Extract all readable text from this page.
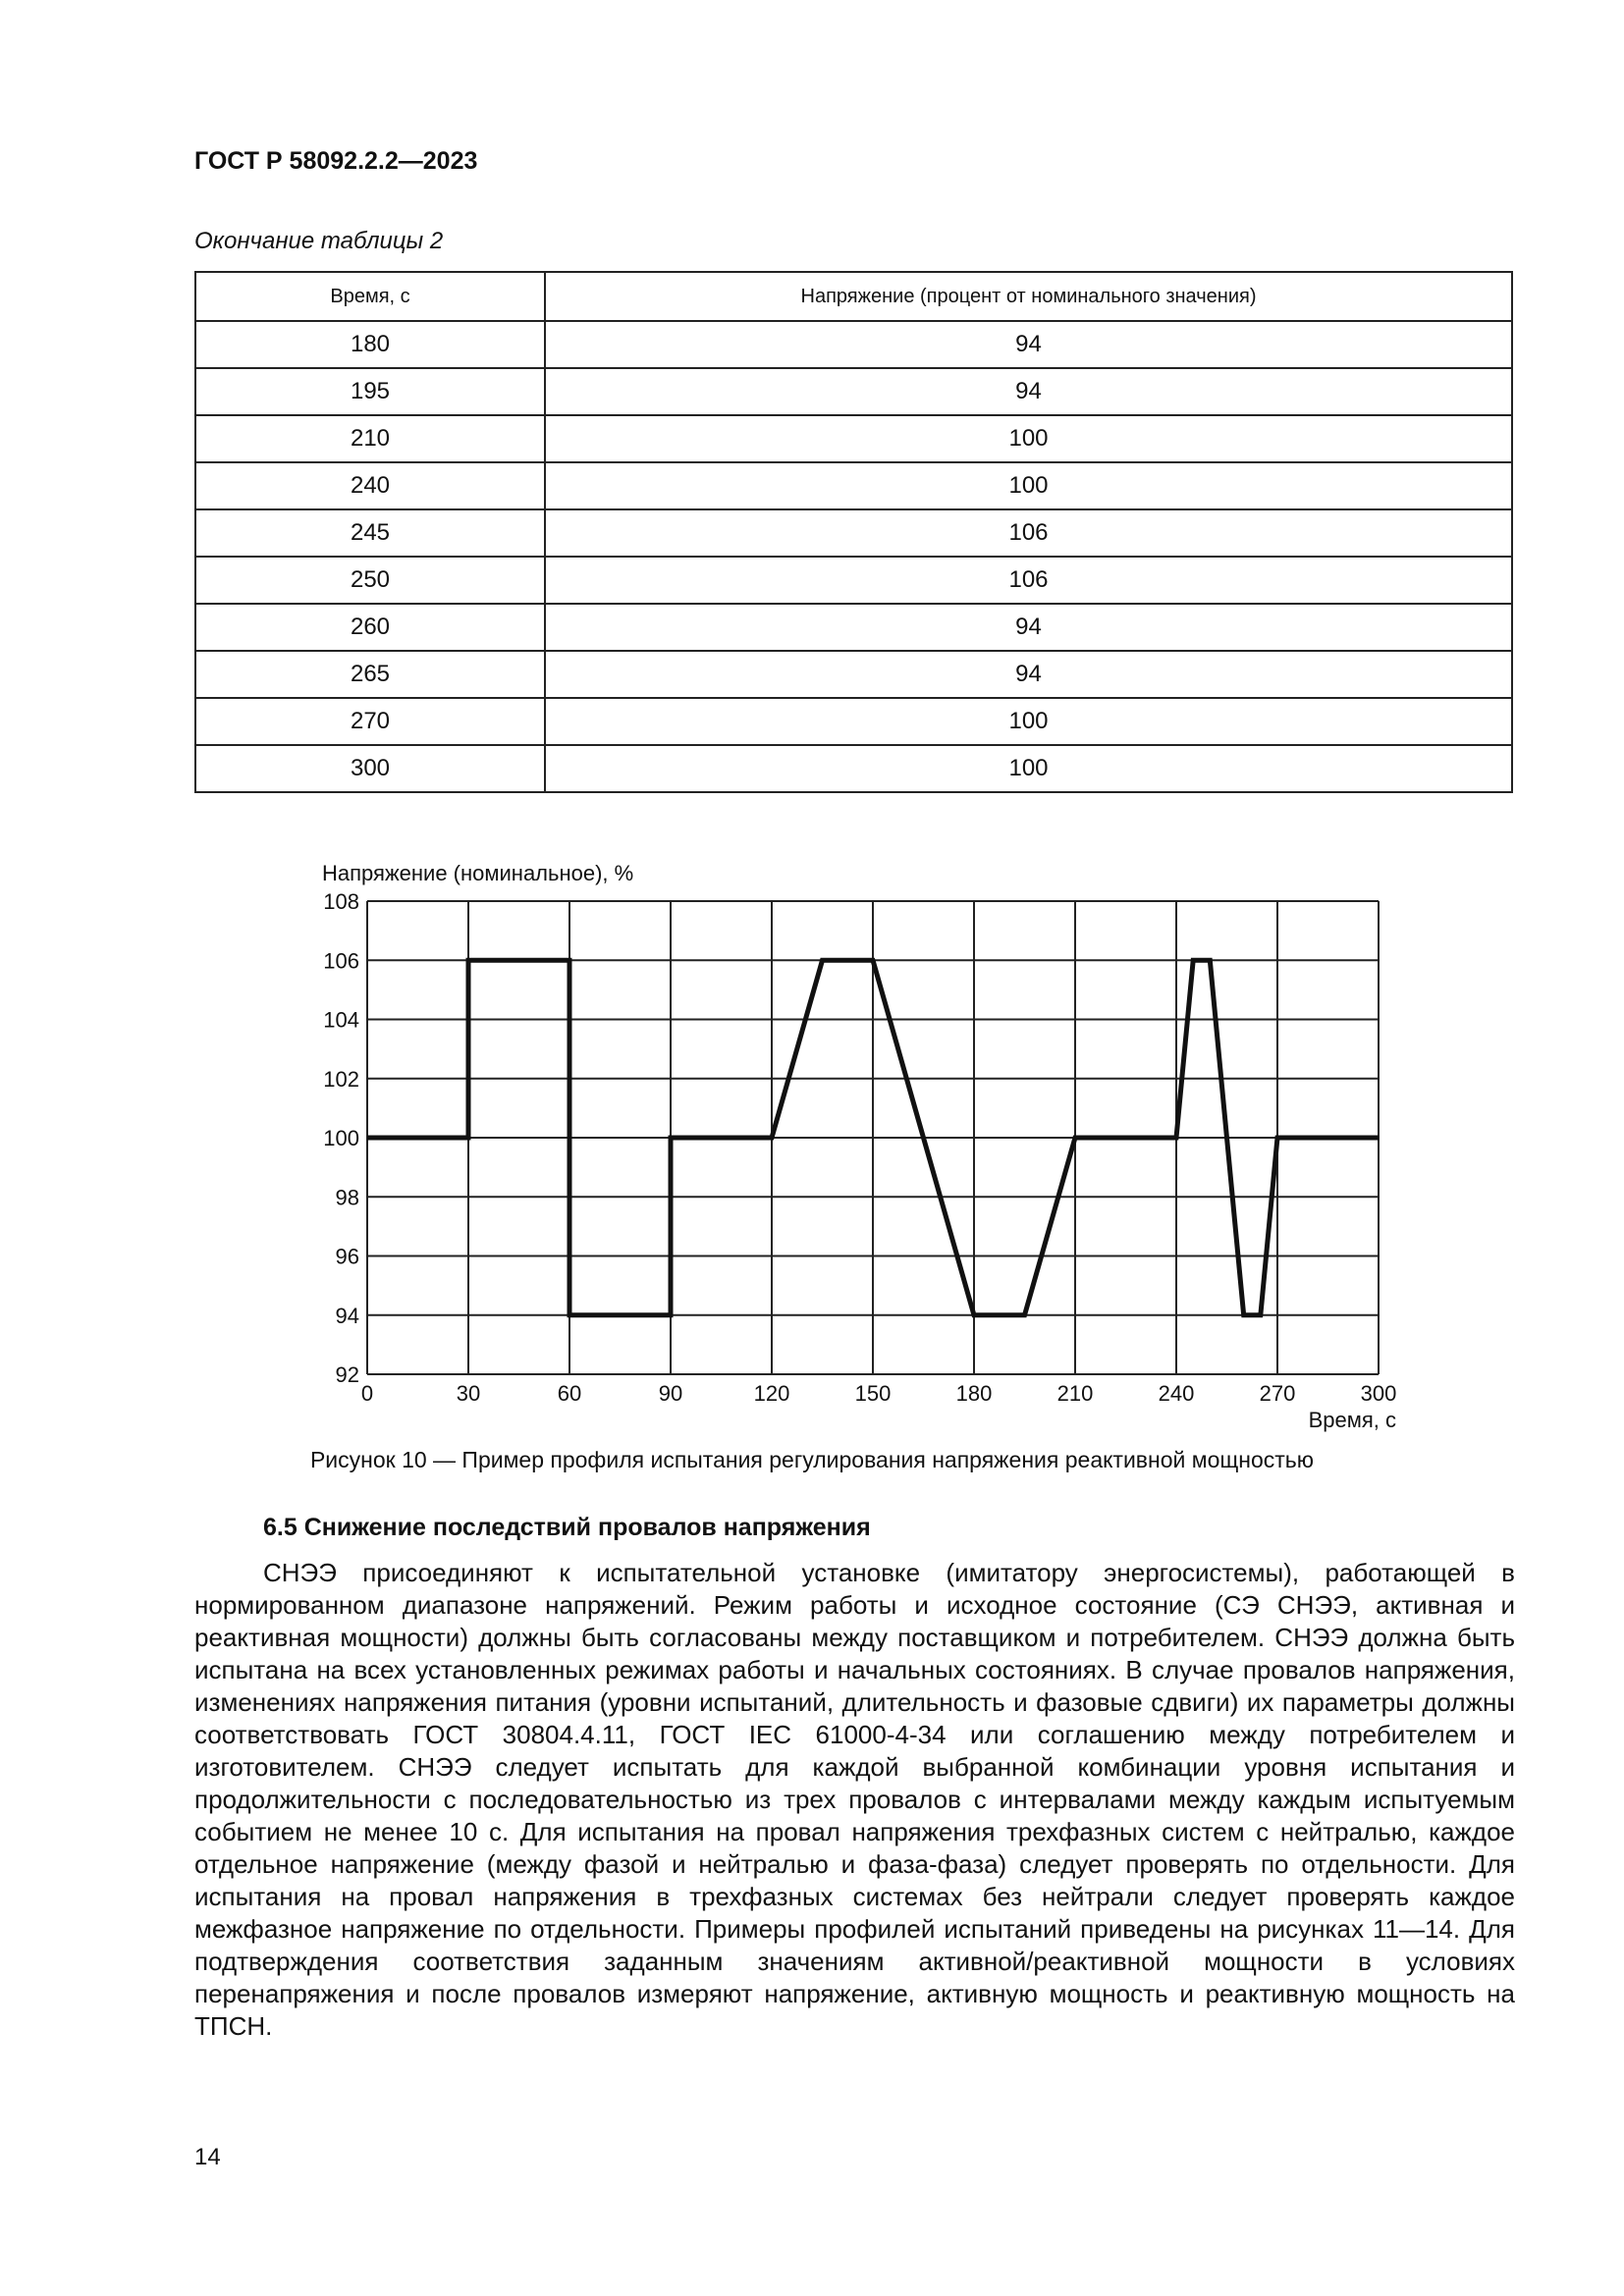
ГОСТ Р 58092.2.2—2023
Окончание таблицы 2
Время, с	Напряжение (процент от номинального значения)
180	94
195	94
210	100
240	100
245	106
250	106
260	94
265	94
270	100
300	100
Напряжение (номинальное), %
Время, с
0	30	60	90	120	150	180	210	240	270	300
92
94
96
98
100
102
104
106
108
Рисунок 10 — Пример профиля испытания регулирования напряжения реактивной мощностью
6.5 Снижение последствий провалов напряжения
СНЭЭ присоединяют к испытательной установке (имитатору энергосистемы), работающей в нормированном диапазоне напряжений. Режим работы и исходное состояние (СЭ СНЭЭ, активная и реактивная мощности) должны быть согласованы между поставщиком и потребителем. СНЭЭ должна быть испытана на всех установленных режимах работы и начальных состояниях. В случае провалов напряжения, изменениях напряжения питания (уровни испытаний, длительность и фазовые сдвиги) их параметры должны соответствовать ГОСТ 30804.4.11, ГОСТ IEC 61000-4-34 или соглашению между потребителем и изготовителем. СНЭЭ следует испытать для каждой выбранной комбинации уровня испытания и продолжительности с последовательностью из трех провалов с интервалами между каждым испытуемым событием не менее 10 с. Для испытания на провал напряжения трехфазных систем с нейтралью, каждое отдельное напряжение (между фазой и нейтралью и фаза-фаза) следует проверять по отдельности. Для испытания на провал напряжения в трехфазных системах без нейтрали следует проверять каждое межфазное напряжение по отдельности. Примеры профилей испытаний приведены на рисунках 11—14. Для подтверждения соответствия заданным значениям активной/реактивной мощности в условиях перенапряжения и после провалов измеряют напряжение, активную мощность и реактивную мощность на ТПСН.
14
